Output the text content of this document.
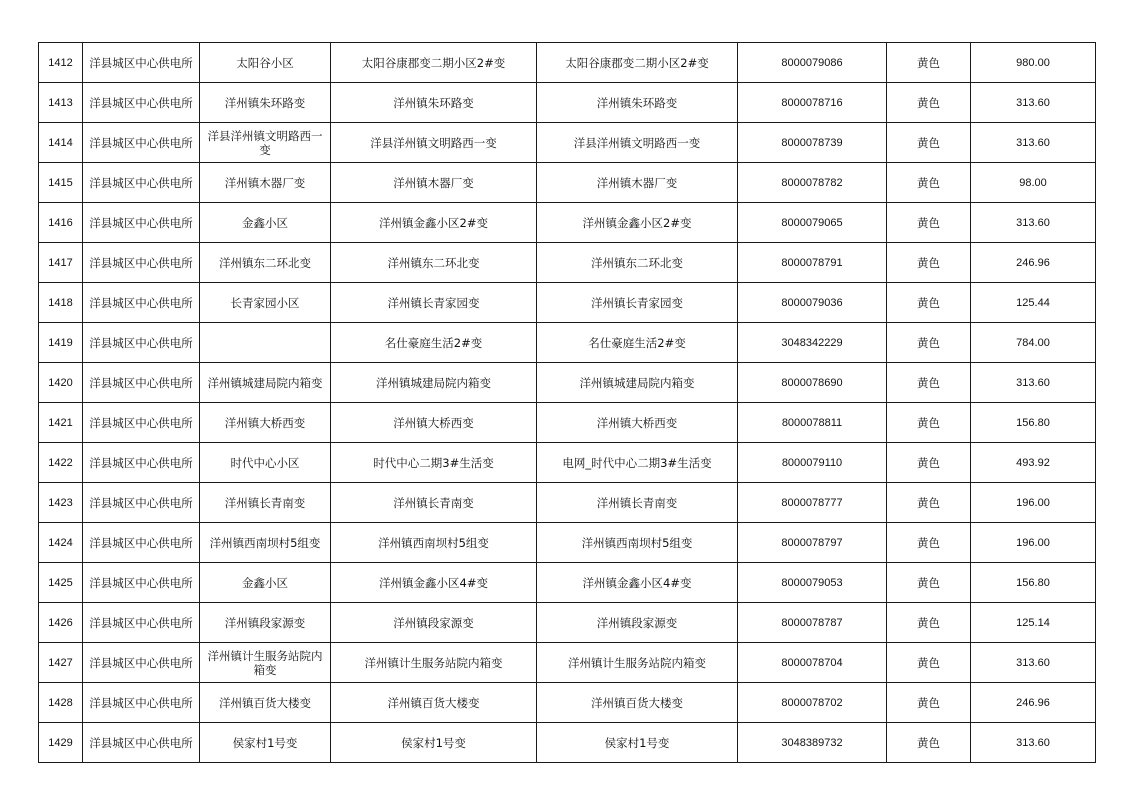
1412	洋县城区中心供电所	太阳谷小区	太阳谷康郡变二期小区2#变	太阳谷康郡变二期小区2#变	8000079086	黄色	980.00
1413	洋县城区中心供电所	洋州镇朱环路变	洋州镇朱环路变	洋州镇朱环路变	8000078716	黄色	313.60
1414	洋县城区中心供电所	洋县洋州镇文明路西一变	洋县洋州镇文明路西一变	洋县洋州镇文明路西一变	8000078739	黄色	313.60
1415	洋县城区中心供电所	洋州镇木器厂变	洋州镇木器厂变	洋州镇木器厂变	8000078782	黄色	98.00
1416	洋县城区中心供电所	金鑫小区	洋州镇金鑫小区2#变	洋州镇金鑫小区2#变	8000079065	黄色	313.60
1417	洋县城区中心供电所	洋州镇东二环北变	洋州镇东二环北变	洋州镇东二环北变	8000078791	黄色	246.96
1418	洋县城区中心供电所	长青家园小区	洋州镇长青家园变	洋州镇长青家园变	8000079036	黄色	125.44
1419	洋县城区中心供电所		名仕豪庭生活2#变	名仕豪庭生活2#变	3048342229	黄色	784.00
1420	洋县城区中心供电所	洋州镇城建局院内箱变	洋州镇城建局院内箱变	洋州镇城建局院内箱变	8000078690	黄色	313.60
1421	洋县城区中心供电所	洋州镇大桥西变	洋州镇大桥西变	洋州镇大桥西变	8000078811	黄色	156.80
1422	洋县城区中心供电所	时代中心小区	时代中心二期3#生活变	电网_时代中心二期3#生活变	8000079110	黄色	493.92
1423	洋县城区中心供电所	洋州镇长青南变	洋州镇长青南变	洋州镇长青南变	8000078777	黄色	196.00
1424	洋县城区中心供电所	洋州镇西南坝村5组变	洋州镇西南坝村5组变	洋州镇西南坝村5组变	8000078797	黄色	196.00
1425	洋县城区中心供电所	金鑫小区	洋州镇金鑫小区4#变	洋州镇金鑫小区4#变	8000079053	黄色	156.80
1426	洋县城区中心供电所	洋州镇段家源变	洋州镇段家源变	洋州镇段家源变	8000078787	黄色	125.14
1427	洋县城区中心供电所	洋州镇计生服务站院内箱变	洋州镇计生服务站院内箱变	洋州镇计生服务站院内箱变	8000078704	黄色	313.60
1428	洋县城区中心供电所	洋州镇百货大楼变	洋州镇百货大楼变	洋州镇百货大楼变	8000078702	黄色	246.96
1429	洋县城区中心供电所	侯家村1号变	侯家村1号变	侯家村1号变	3048389732	黄色	313.60
